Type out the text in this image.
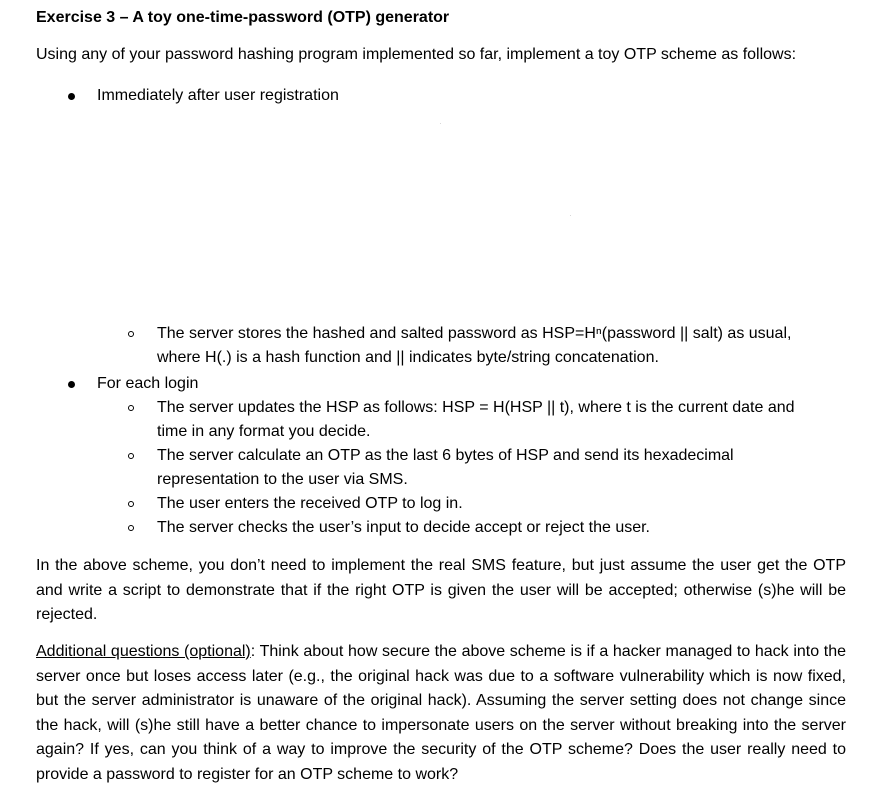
Exercise 3 – A toy one-time-password (OTP) generator
Using any of your password hashing program implemented so far, implement a toy OTP scheme as follows:
Immediately after user registration
The server stores the hashed and salted password as HSP=Hⁿ(password || salt) as usual,
where H(.) is a hash function and || indicates byte/string concatenation.
For each login
The server updates the HSP as follows: HSP = H(HSP || t), where t is the current date and
time in any format you decide.
The server calculate an OTP as the last 6 bytes of HSP and send its hexadecimal
representation to the user via SMS.
The user enters the received OTP to log in.
The server checks the user’s input to decide accept or reject the user.
In the above scheme, you don’t need to implement the real SMS feature, but just assume the user get the OTP and write a script to demonstrate that if the right OTP is given the user will be accepted; otherwise (s)he will be rejected.
Additional questions (optional): Think about how secure the above scheme is if a hacker managed to hack into the server once but loses access later (e.g., the original hack was due to a software vulnerability which is now fixed, but the server administrator is unaware of the original hack). Assuming the server setting does not change since the hack, will (s)he still have a better chance to impersonate users on the server without breaking into the server again? If yes, can you think of a way to improve the security of the OTP scheme? Does the user really need to provide a password to register for an OTP scheme to work?
